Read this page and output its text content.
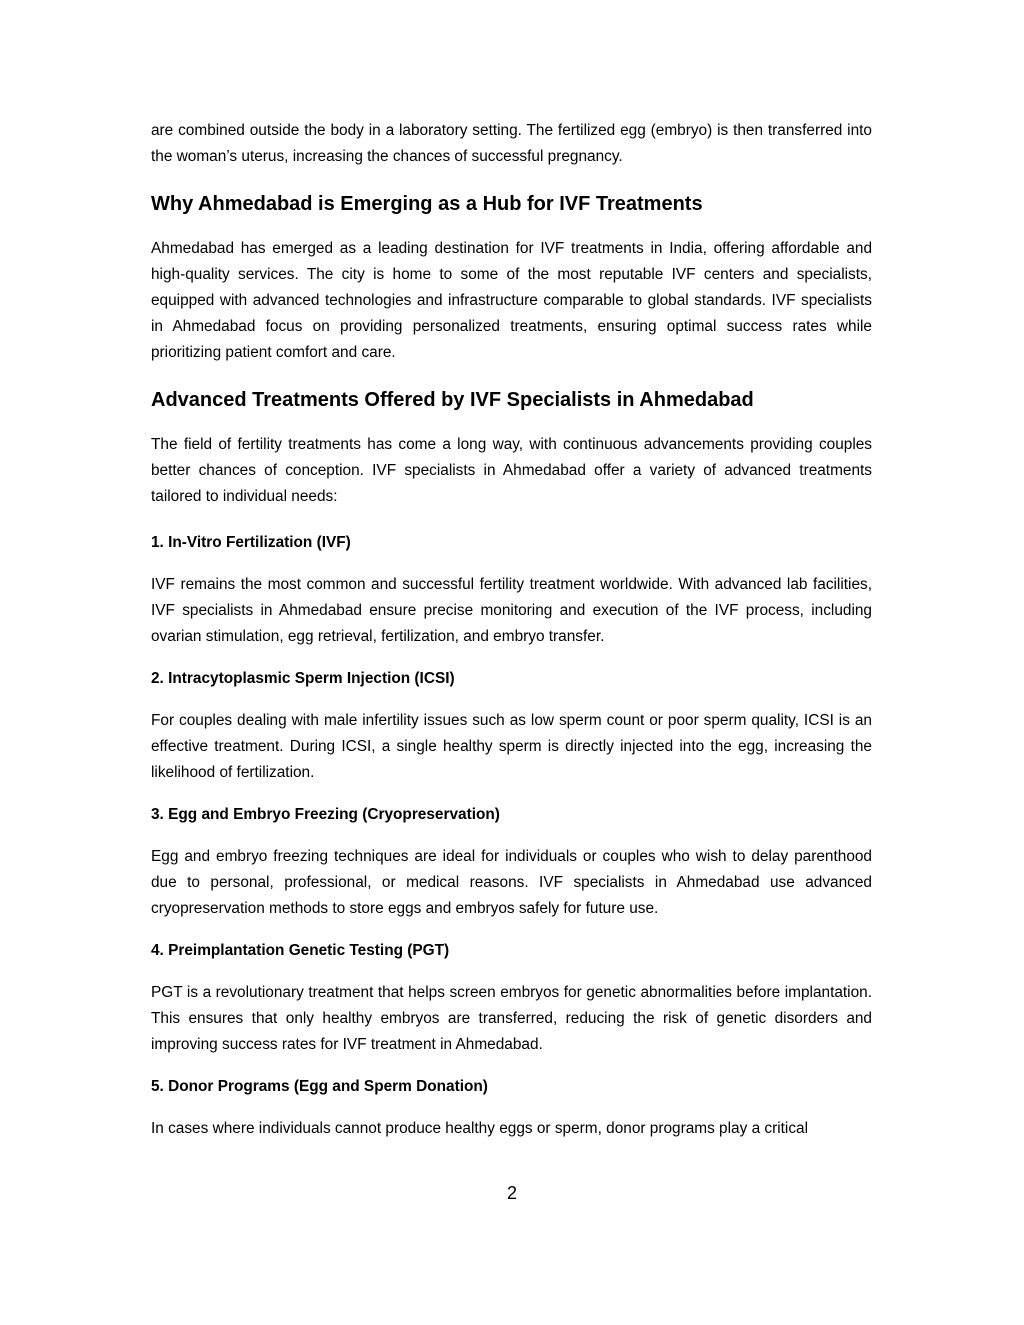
are combined outside the body in a laboratory setting. The fertilized egg (embryo) is then transferred into the woman’s uterus, increasing the chances of successful pregnancy.

Why Ahmedabad is Emerging as a Hub for IVF Treatments

Ahmedabad has emerged as a leading destination for IVF treatments in India, offering affordable and high-quality services. The city is home to some of the most reputable IVF centers and specialists, equipped with advanced technologies and infrastructure comparable to global standards. IVF specialists in Ahmedabad focus on providing personalized treatments, ensuring optimal success rates while prioritizing patient comfort and care.

Advanced Treatments Offered by IVF Specialists in Ahmedabad

The field of fertility treatments has come a long way, with continuous advancements providing couples better chances of conception. IVF specialists in Ahmedabad offer a variety of advanced treatments tailored to individual needs:

1. In-Vitro Fertilization (IVF)

IVF remains the most common and successful fertility treatment worldwide. With advanced lab facilities, IVF specialists in Ahmedabad ensure precise monitoring and execution of the IVF process, including ovarian stimulation, egg retrieval, fertilization, and embryo transfer.

2. Intracytoplasmic Sperm Injection (ICSI)

For couples dealing with male infertility issues such as low sperm count or poor sperm quality, ICSI is an effective treatment. During ICSI, a single healthy sperm is directly injected into the egg, increasing the likelihood of fertilization.

3. Egg and Embryo Freezing (Cryopreservation)

Egg and embryo freezing techniques are ideal for individuals or couples who wish to delay parenthood due to personal, professional, or medical reasons. IVF specialists in Ahmedabad use advanced cryopreservation methods to store eggs and embryos safely for future use.

4. Preimplantation Genetic Testing (PGT)

PGT is a revolutionary treatment that helps screen embryos for genetic abnormalities before implantation. This ensures that only healthy embryos are transferred, reducing the risk of genetic disorders and improving success rates for IVF treatment in Ahmedabad.

5. Donor Programs (Egg and Sperm Donation)

In cases where individuals cannot produce healthy eggs or sperm, donor programs play a critical

2
